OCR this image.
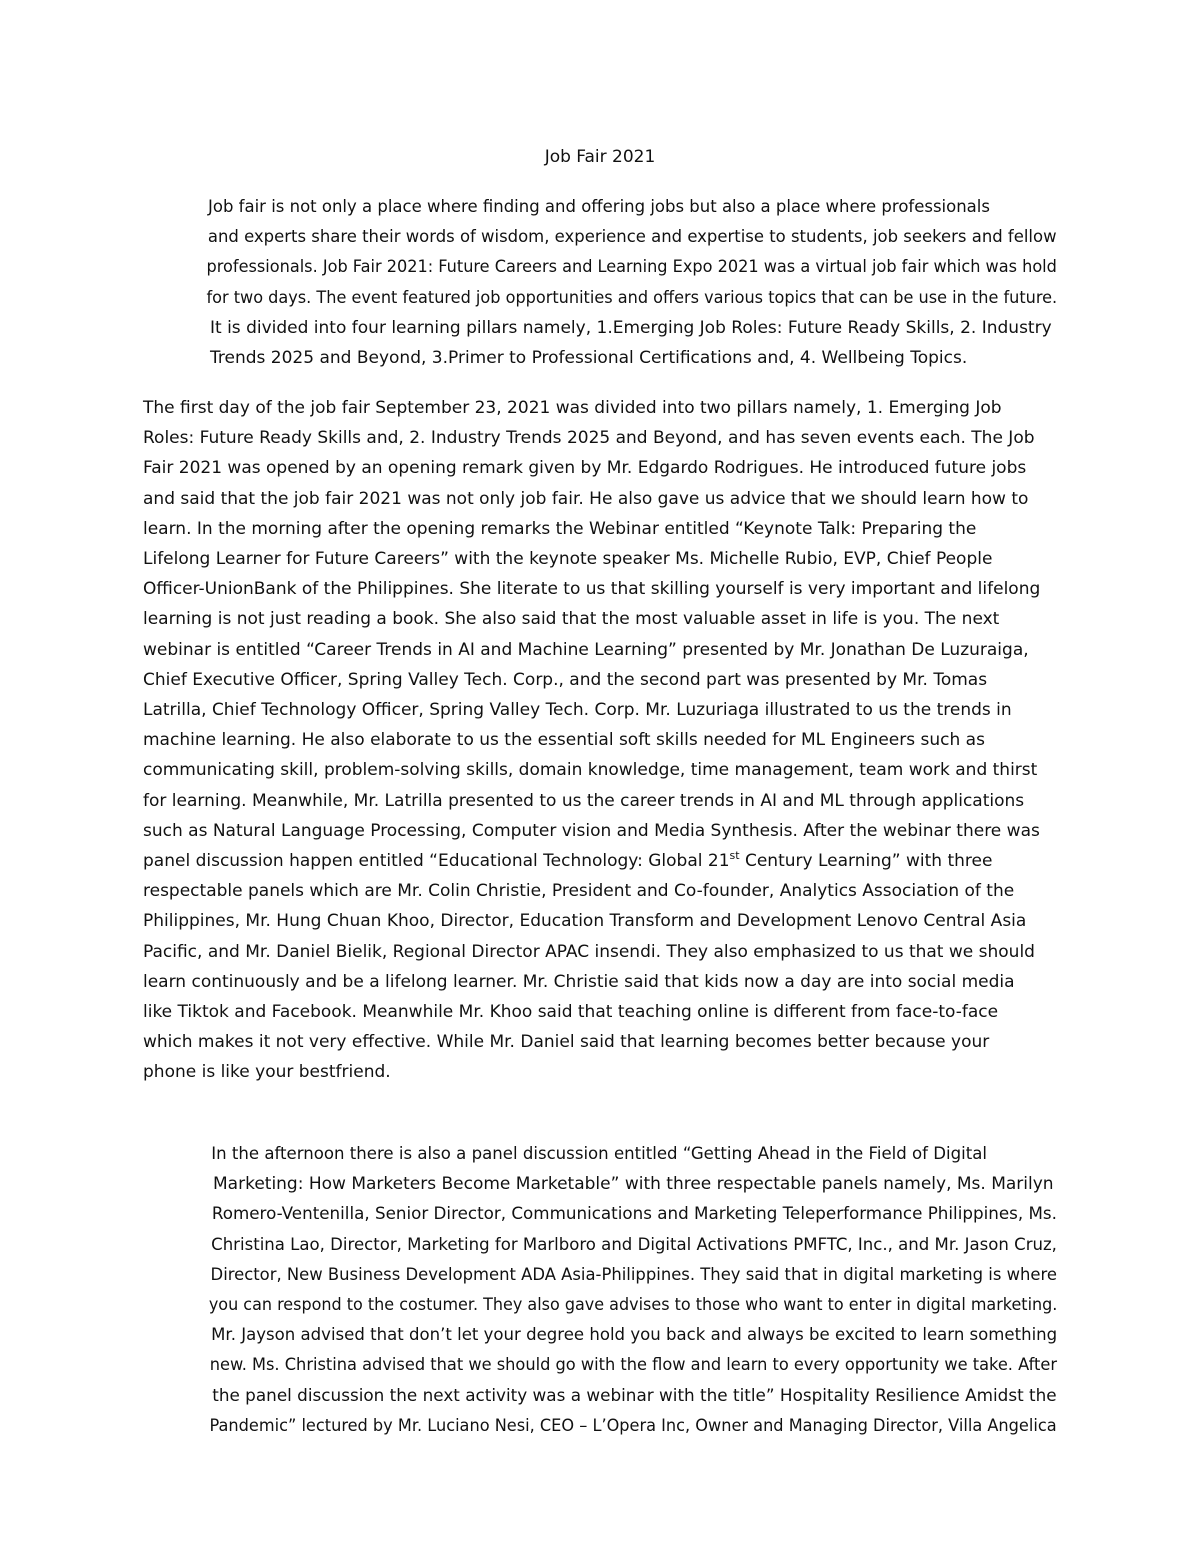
Job Fair 2021
Job fair is not only a place where finding and offering jobs but also a place where professionals
and experts share their words of wisdom, experience and expertise to students, job seekers and fellow
professionals. Job Fair 2021: Future Careers and Learning Expo 2021 was a virtual job fair which was hold
for two days. The event featured job opportunities and offers various topics that can be use in the future.
It is divided into four learning pillars namely, 1.Emerging Job Roles: Future Ready Skills, 2. Industry
Trends 2025 and Beyond, 3.Primer to Professional Certifications and, 4. Wellbeing Topics.
The first day of the job fair September 23, 2021 was divided into two pillars namely, 1. Emerging Job
Roles: Future Ready Skills and, 2. Industry Trends 2025 and Beyond, and has seven events each. The Job
Fair 2021 was opened by an opening remark given by Mr. Edgardo Rodrigues. He introduced future jobs
and said that the job fair 2021 was not only job fair. He also gave us advice that we should learn how to
learn. In the morning after the opening remarks the Webinar entitled “Keynote Talk: Preparing the
Lifelong Learner for Future Careers” with the keynote speaker Ms. Michelle Rubio, EVP, Chief People
Officer-UnionBank of the Philippines. She literate to us that skilling yourself is very important and lifelong
learning is not just reading a book. She also said that the most valuable asset in life is you. The next
webinar is entitled “Career Trends in AI and Machine Learning” presented by Mr. Jonathan De Luzuraiga,
Chief Executive Officer, Spring Valley Tech. Corp., and the second part was presented by Mr. Tomas
Latrilla, Chief Technology Officer, Spring Valley Tech. Corp. Mr. Luzuriaga illustrated to us the trends in
machine learning. He also elaborate to us the essential soft skills needed for ML Engineers such as
communicating skill, problem-solving skills, domain knowledge, time management, team work and thirst
for learning. Meanwhile, Mr. Latrilla presented to us the career trends in AI and ML through applications
such as Natural Language Processing, Computer vision and Media Synthesis. After the webinar there was
panel discussion happen entitled “Educational Technology: Global 21st Century Learning” with three
respectable panels which are Mr. Colin Christie, President and Co-founder, Analytics Association of the
Philippines, Mr. Hung Chuan Khoo, Director, Education Transform and Development Lenovo Central Asia
Pacific, and Mr. Daniel Bielik, Regional Director APAC insendi. They also emphasized to us that we should
learn continuously and be a lifelong learner. Mr. Christie said that kids now a day are into social media
like Tiktok and Facebook. Meanwhile Mr. Khoo said that teaching online is different from face-to-face
which makes it not very effective. While Mr. Daniel said that learning becomes better because your
phone is like your bestfriend.
In the afternoon there is also a panel discussion entitled “Getting Ahead in the Field of Digital
Marketing: How Marketers Become Marketable” with three respectable panels namely, Ms. Marilyn
Romero-Ventenilla, Senior Director, Communications and Marketing Teleperformance Philippines, Ms.
Christina Lao, Director, Marketing for Marlboro and Digital Activations PMFTC, Inc., and Mr. Jason Cruz,
Director, New Business Development ADA Asia-Philippines. They said that in digital marketing is where
you can respond to the costumer. They also gave advises to those who want to enter in digital marketing.
Mr. Jayson advised that don’t let your degree hold you back and always be excited to learn something
new. Ms. Christina advised that we should go with the flow and learn to every opportunity we take. After
the panel discussion the next activity was a webinar with the title” Hospitality Resilience Amidst the
Pandemic” lectured by Mr. Luciano Nesi, CEO – L’Opera Inc, Owner and Managing Director, Villa Angelica
